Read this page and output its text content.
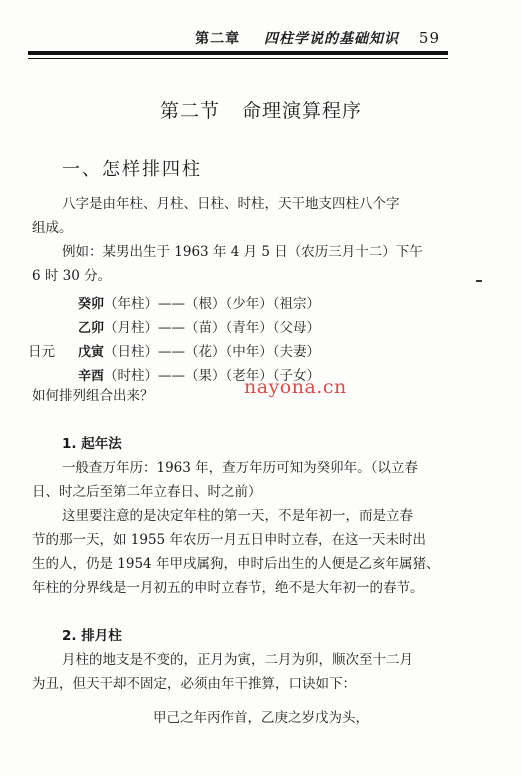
第二章 四柱学说的基础知识 59
第二节 命理演算程序
一、怎样排四柱
八字是由年柱、月柱、日柱、时柱，天干地支四柱八个字
组成。
例如：某男出生于 1963 年 4 月 5 日（农历三月十二）下午
6 时 30 分。
癸卯（年柱）——（根）（少年）（祖宗）
乙卯（月柱）——（苗）（青年）（父母）
日元 戊寅（日柱）——（花）（中年）（夫妻）
辛酉（时柱）——（果）（老年）（子女）
如何排列组合出来？	nayona.cn
1. 起年法
一般查万年历：1963 年，查万年历可知为癸卯年。（以立春
日、时之后至第二年立春日、时之前）
这里要注意的是决定年柱的第一天，不是年初一，而是立春
节的那一天，如 1955 年农历一月五日申时立春，在这一天未时出
生的人，仍是 1954 年甲戌属狗，申时后出生的人便是乙亥年属猪、
年柱的分界线是一月初五的申时立春节，绝不是大年初一的春节。
2. 排月柱
月柱的地支是不变的，正月为寅，二月为卯，顺次至十二月
为丑，但天干却不固定，必须由年干推算，口诀如下：
甲己之年丙作首，乙庚之岁戊为头，
